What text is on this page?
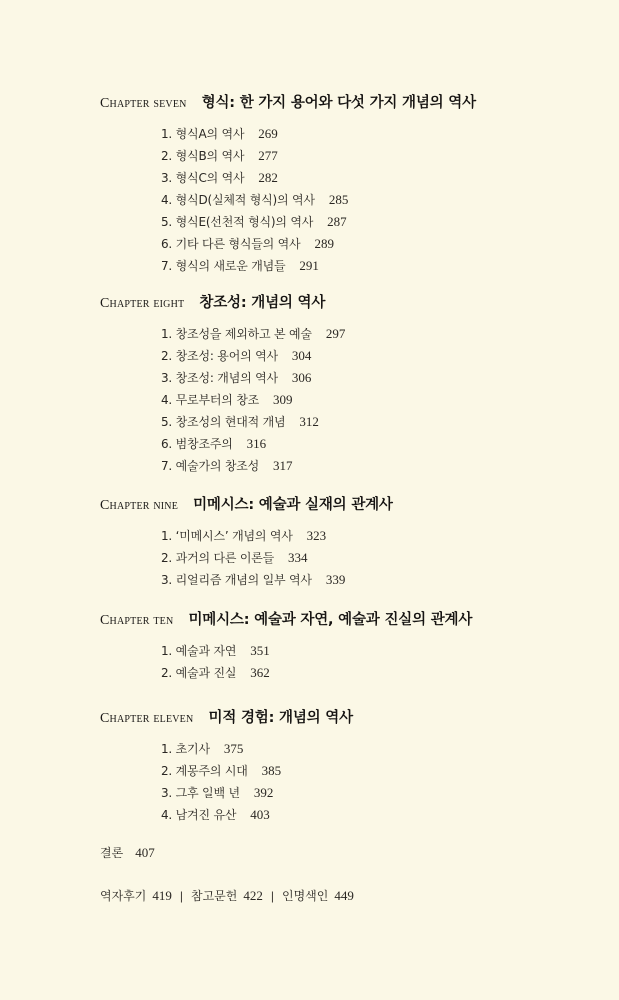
Chapter seven 형식: 한 가지 용어와 다섯 가지 개념의 역사
1. 형식A의 역사 269
2. 형식B의 역사 277
3. 형식C의 역사 282
4. 형식D(실체적 형식)의 역사 285
5. 형식E(선천적 형식)의 역사 287
6. 기타 다른 형식들의 역사 289
7. 형식의 새로운 개념들 291
Chapter eight 창조성: 개념의 역사
1. 창조성을 제외하고 본 예술 297
2. 창조성: 용어의 역사 304
3. 창조성: 개념의 역사 306
4. 무로부터의 창조 309
5. 창조성의 현대적 개념 312
6. 범창조주의 316
7. 예술가의 창조성 317
Chapter nine 미메시스: 예술과 실재의 관계사
1. ‘미메시스’ 개념의 역사 323
2. 과거의 다른 이론들 334
3. 리얼리즘 개념의 일부 역사 339
Chapter ten 미메시스: 예술과 자연, 예술과 진실의 관계사
1. 예술과 자연 351
2. 예술과 진실 362
Chapter eleven 미적 경험: 개념의 역사
1. 초기사 375
2. 계몽주의 시대 385
3. 그후 일백 년 392
4. 남겨진 유산 403
결론 407
역자후기 419 | 참고문헌 422 | 인명색인 449
